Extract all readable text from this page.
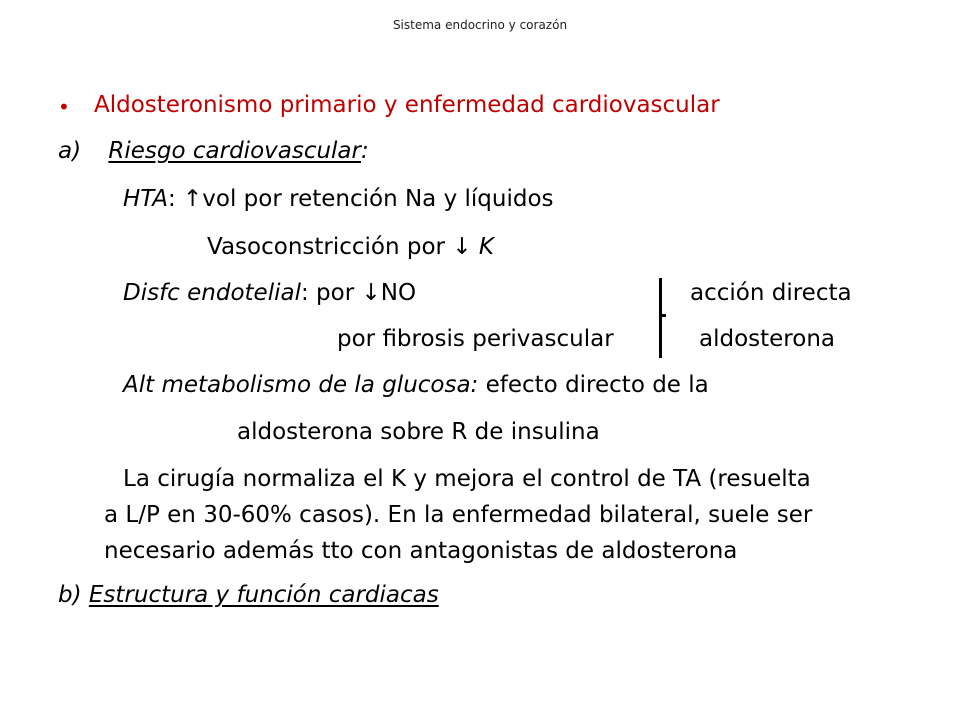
Sistema endocrino y corazón
• Aldosteronismo primario y enfermedad cardiovascular
a) Riesgo cardiovascular:
HTA: ↑vol por retención Na y líquidos
Vasoconstricción por ↓ K
Disfc endotelial: por ↓NO	acción directa
por fibrosis perivascular	aldosterona
Alt metabolismo de la glucosa: efecto directo de la
aldosterona sobre R de insulina
La cirugía normaliza el K y mejora el control de TA (resuelta
a L/P en 30-60% casos). En la enfermedad bilateral, suele ser
necesario además tto con antagonistas de aldosterona
b) Estructura y función cardiacas
